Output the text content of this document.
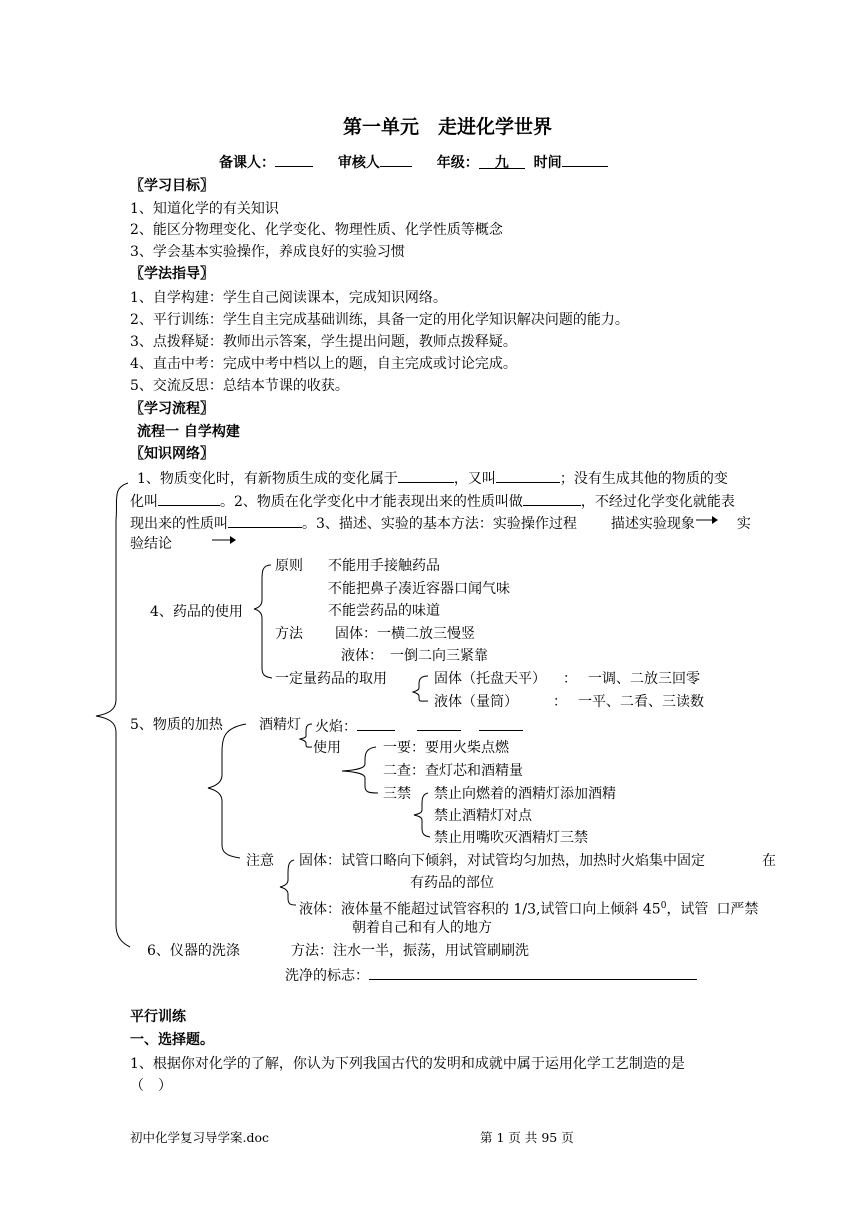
第一单元　走进化学世界
备课人：	审核人	年级： 九 时间
〖学习目标〗
1、知道化学的有关知识
2、能区分物理变化、化学变化、物理性质、化学性质等概念
3、学会基本实验操作，养成良好的实验习惯
〖学法指导〗
1、自学构建：学生自己阅读课本，完成知识网络。
2、平行训练：学生自主完成基础训练，具备一定的用化学知识解决问题的能力。
3、点拨释疑：教师出示答案，学生提出问题，教师点拨释疑。
4、直击中考：完成中考中档以上的题，自主完成或讨论完成。
5、交流反思：总结本节课的收获。
〖学习流程〗
流程一 自学构建
〖知识网络〗
1、物质变化时，有新物质生成的变化属于	，又叫	；没有生成其他的物质的变
化叫	。2、物质在化学变化中才能表现出来的性质叫做	，不经过化学变化就能表
现出来的性质叫	。3、描述、实验的基本方法：实验操作过程 描述实验现象	实
验结论
4、药品的使用
原则 不能用手接触药品
不能把鼻子凑近容器口闻气味
不能尝药品的味道
方法 固体：一横二放三慢竖
液体：　一倒二向三紧靠
一定量药品的取用	固体（托盘天平） ： 一调、二放三回零
液体（量筒）	： 一平、二看、三读数
5、物质的加热	酒精灯 火焰：
使用	一要：要用火柴点燃
二查：查灯芯和酒精量
三禁 禁止向燃着的酒精灯添加酒精
禁止酒精灯对点
禁止用嘴吹灭酒精灯三禁
注意 固体：试管口略向下倾斜，对试管均匀加热，加热时火焰集中固定	在
有药品的部位
液体：液体量不能超过试管容积的 1/3,试管口向上倾斜 $45^0$，试管 口严禁
朝着自己和有人的地方
6、仪器的洗涤	方法：注水一半，振荡，用试管刷刷洗
洗净的标志：
平行训练
一、选择题。
1、根据你对化学的了解，你认为下列我国古代的发明和成就中属于运用化学工艺制造的是
（　）
初中化学复习导学案.doc	第 1 页 共 95 页
